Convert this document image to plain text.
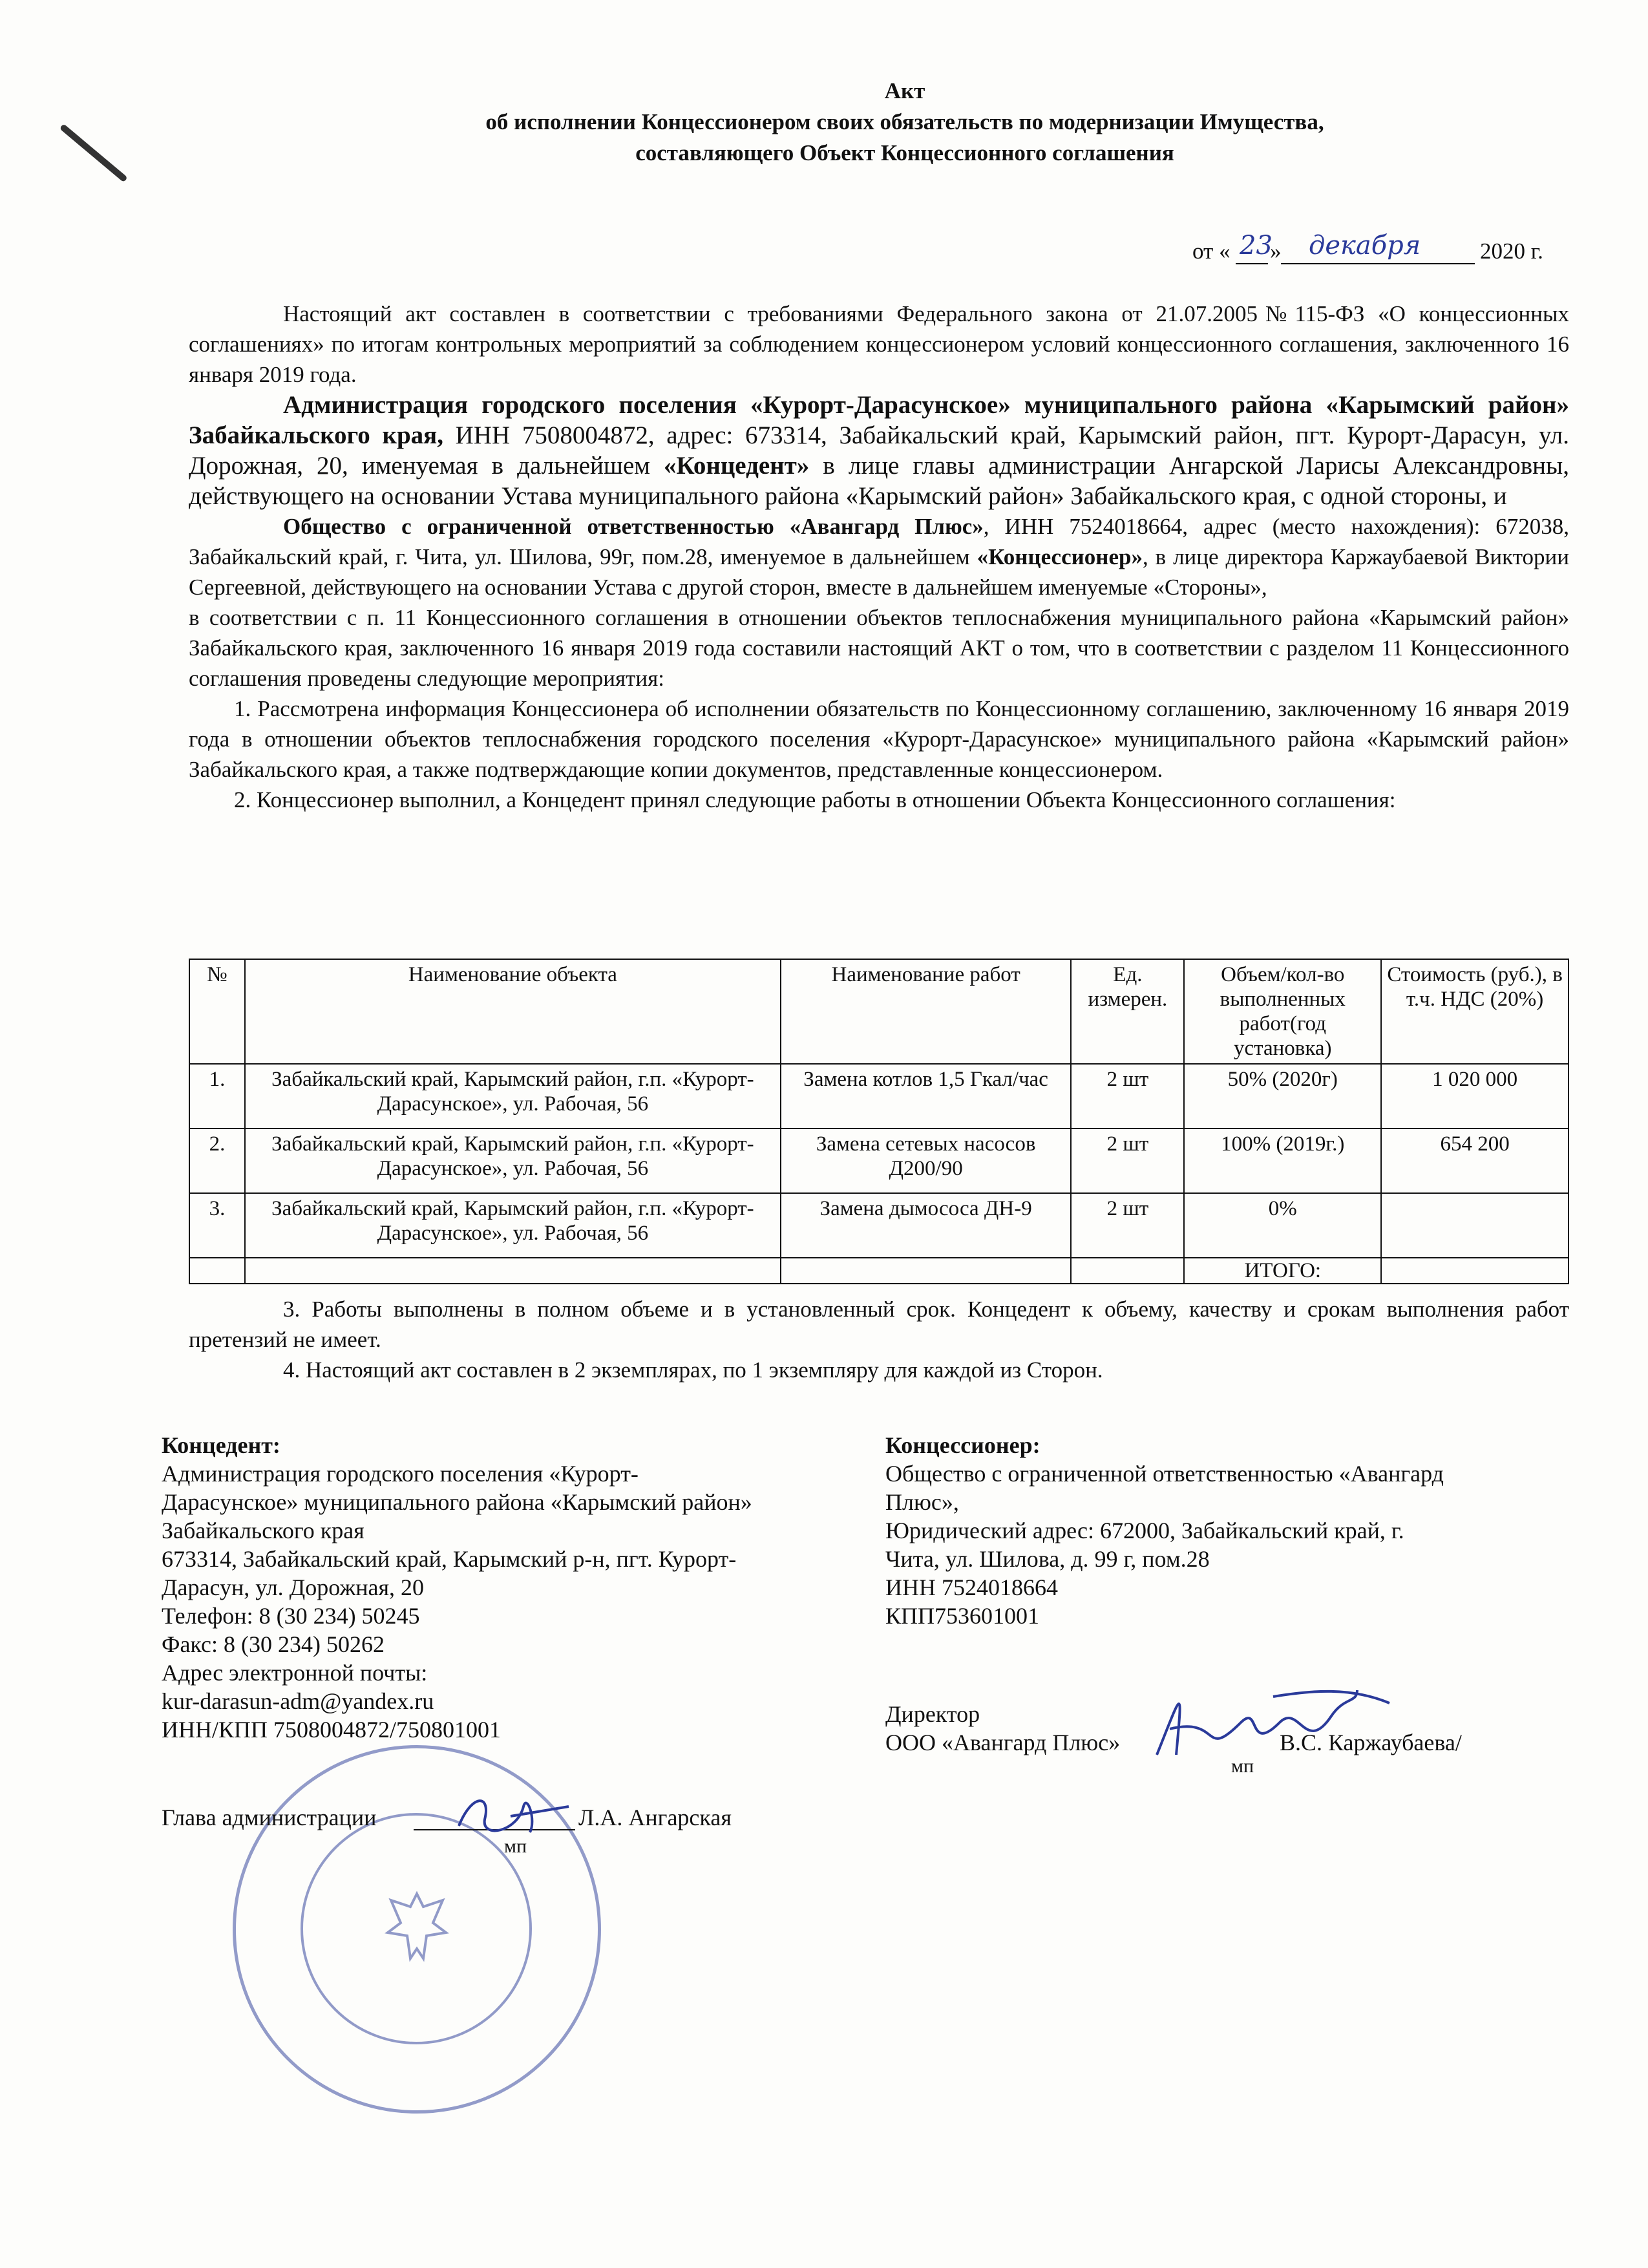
Акт
об исполнении Концессионером своих обязательств по модернизации Имущества,
составляющего Объект Концессионного соглашения
от « 23
» декабря	2020 г.

Настоящий акт составлен в соответствии с требованиями Федерального закона от 21.07.2005№115-ФЗ «О концессионных соглашениях» по итогам контрольных мероприятий за соблюдением концессионером условий концессионного соглашения, заключенного 16 января 2019 года.

Администрация городского поселения «Курорт-Дарасунское» муниципального района «Карымский район» Забайкальского края, ИНН 7508004872, адрес: 673314, Забайкальский край, Карымский район, пгт. Курорт-Дарасун, ул. Дорожная, 20, именуемая в дальнейшем «Концедент» в лице главы администрации Ангарской Ларисы Александровны, действующего на основании Устава муниципального района «Карымский район» Забайкальского края, с одной стороны, и

Общество с ограниченной ответственностью «Авангард Плюс», ИНН 7524018664, адрес (место нахождения): 672038, Забайкальский край, г. Чита, ул. Шилова, 99г, пом.28, именуемое в дальнейшем «Концессионер», в лице директора Каржаубаевой Виктории Сергеевной, действующего на основании Устава с другой сторон, вместе в дальнейшем именуемые «Стороны»,

в соответствии с п. 11 Концессионного соглашения в отношении объектов теплоснабжения муниципального района «Карымский район» Забайкальского края, заключенного 16 января 2019 года составили настоящий АКТ о том, что в соответствии с разделом 11 Концессионного соглашения проведены следующие мероприятия:

1. Рассмотрена информация Концессионера об исполнении обязательств по Концессионному соглашению, заключенному 16 января 2019 года в отношении объектов теплоснабжения городского поселения «Курорт-Дарасунское» муниципального района «Карымский район» Забайкальского края, а также подтверждающие копии документов, представленные концессионером.

2. Концессионер выполнил, а Концедент принял следующие работы в отношении Объекта Концессионного соглашения:

№	Наименование объекта	Наименование работ	Ед. измерен.	Объем/кол-во выполненных работ(год установка)	Стоимость (руб.), в т.ч. НДС (20%)
1.	Забайкальский край, Карымский район, г.п. «Курорт-Дарасунское», ул. Рабочая, 56	Замена котлов 1,5 Гкал/час	2 шт	50% (2020г)	1 020 000
2.	Забайкальский край, Карымский район, г.п. «Курорт-Дарасунское», ул. Рабочая, 56	Замена сетевых насосов Д200/90	2 шт	100% (2019г.)	654 200
3.	Забайкальский край, Карымский район, г.п. «Курорт-Дарасунское», ул. Рабочая, 56	Замена дымососа ДН-9	2 шт	0%	
				ИТОГО:	

3. Работы выполнены в полном объеме и в установленный срок. Концедент к объему, качеству и срокам выполнения работ претензий не имеет.

4. Настоящий акт составлен в 2 экземплярах, по 1 экземпляру для каждой из Сторон.

Концедент:

Администрация городского поселения «Курорт-

Дарасунское» муниципального района «Карымский район»

Забайкальского края

673314, Забайкальский край, Карымский р-н, пгт. Курорт-

Дарасун, ул. Дорожная, 20

Телефон: 8 (30 234) 50245

Факс: 8 (30 234) 50262

Адрес электронной почты:

kur-darasun-adm@yandex.ru

ИНН/КПП 7508004872/750801001

Глава администрации	Л.А. Ангарская
мп

Концессионер:

Общество с ограниченной ответственностью «Авангард

Плюс»,

Юридический адрес: 672000, Забайкальский край, г.

Чита, ул. Шилова, д. 99 г, пом.28

ИНН 7524018664

КПП753601001

Директор
ООО «Авангард Плюс»	В.С. Каржаубаева/
мп
